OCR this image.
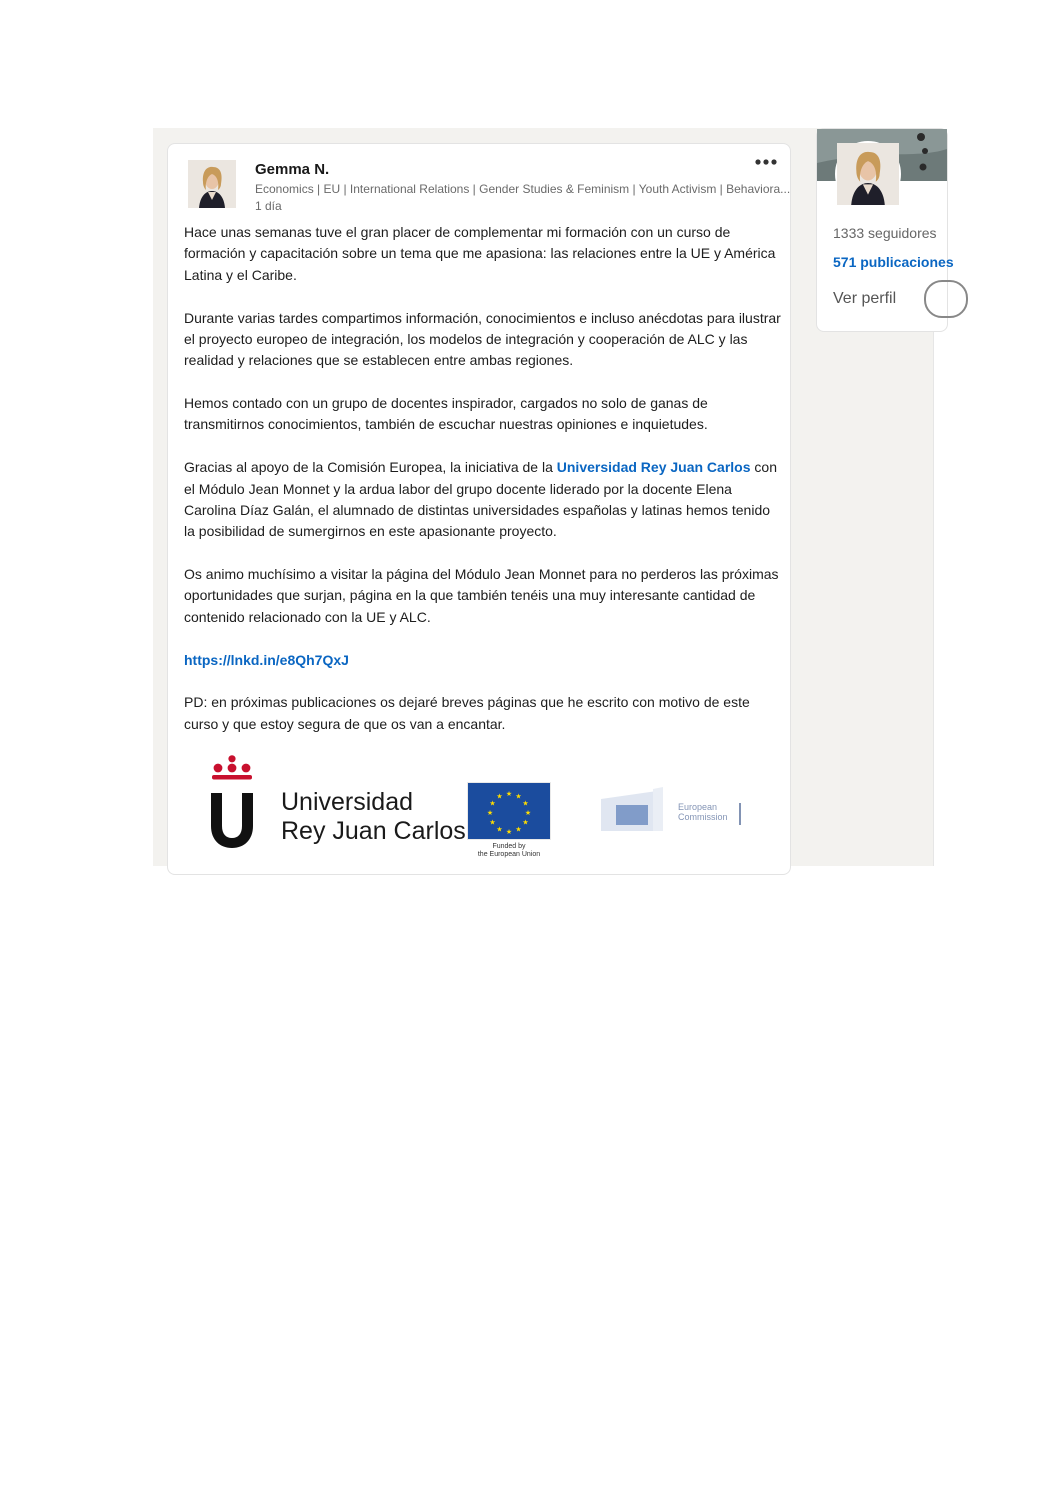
Gemma N.
Economics | EU | International Relations | Gender Studies & Feminism | Youth Activism | Behaviora...
1 día

Hace unas semanas tuve el gran placer de complementar mi formación con un curso de formación y capacitación sobre un tema que me apasiona: las relaciones entre la UE y América Latina y el Caribe.

Durante varias tardes compartimos información, conocimientos e incluso anécdotas para ilustrar el proyecto europeo de integración, los modelos de integración y cooperación de ALC y las realidad y relaciones que se establecen entre ambas regiones.

Hemos contado con un grupo de docentes inspirador, cargados no solo de ganas de transmitirnos conocimientos, también de escuchar nuestras opiniones e inquietudes.

Gracias al apoyo de la Comisión Europea, la iniciativa de la Universidad Rey Juan Carlos con el Módulo Jean Monnet y la ardua labor del grupo docente liderado por la docente Elena Carolina Díaz Galán, el alumnado de distintas universidades españolas y latinas hemos tenido la posibilidad de sumergirnos en este apasionante proyecto.

Os animo muchísimo a visitar la página del Módulo Jean Monnet para no perderos las próximas oportunidades que surjan, página en la que también tenéis una muy interesante cantidad de contenido relacionado con la UE y ALC.

https://lnkd.in/e8Qh7QxJ

PD: en próximas publicaciones os dejaré breves páginas que he escrito con motivo de este curso y que estoy segura de que os van a encantar.

Universidad
Rey Juan Carlos
★ ★
★
★
★
★
★
★
★
★
★
★
Funded by
the European Union
European
Commission
1333 seguidores
571 publicaciones
Ver perfil
